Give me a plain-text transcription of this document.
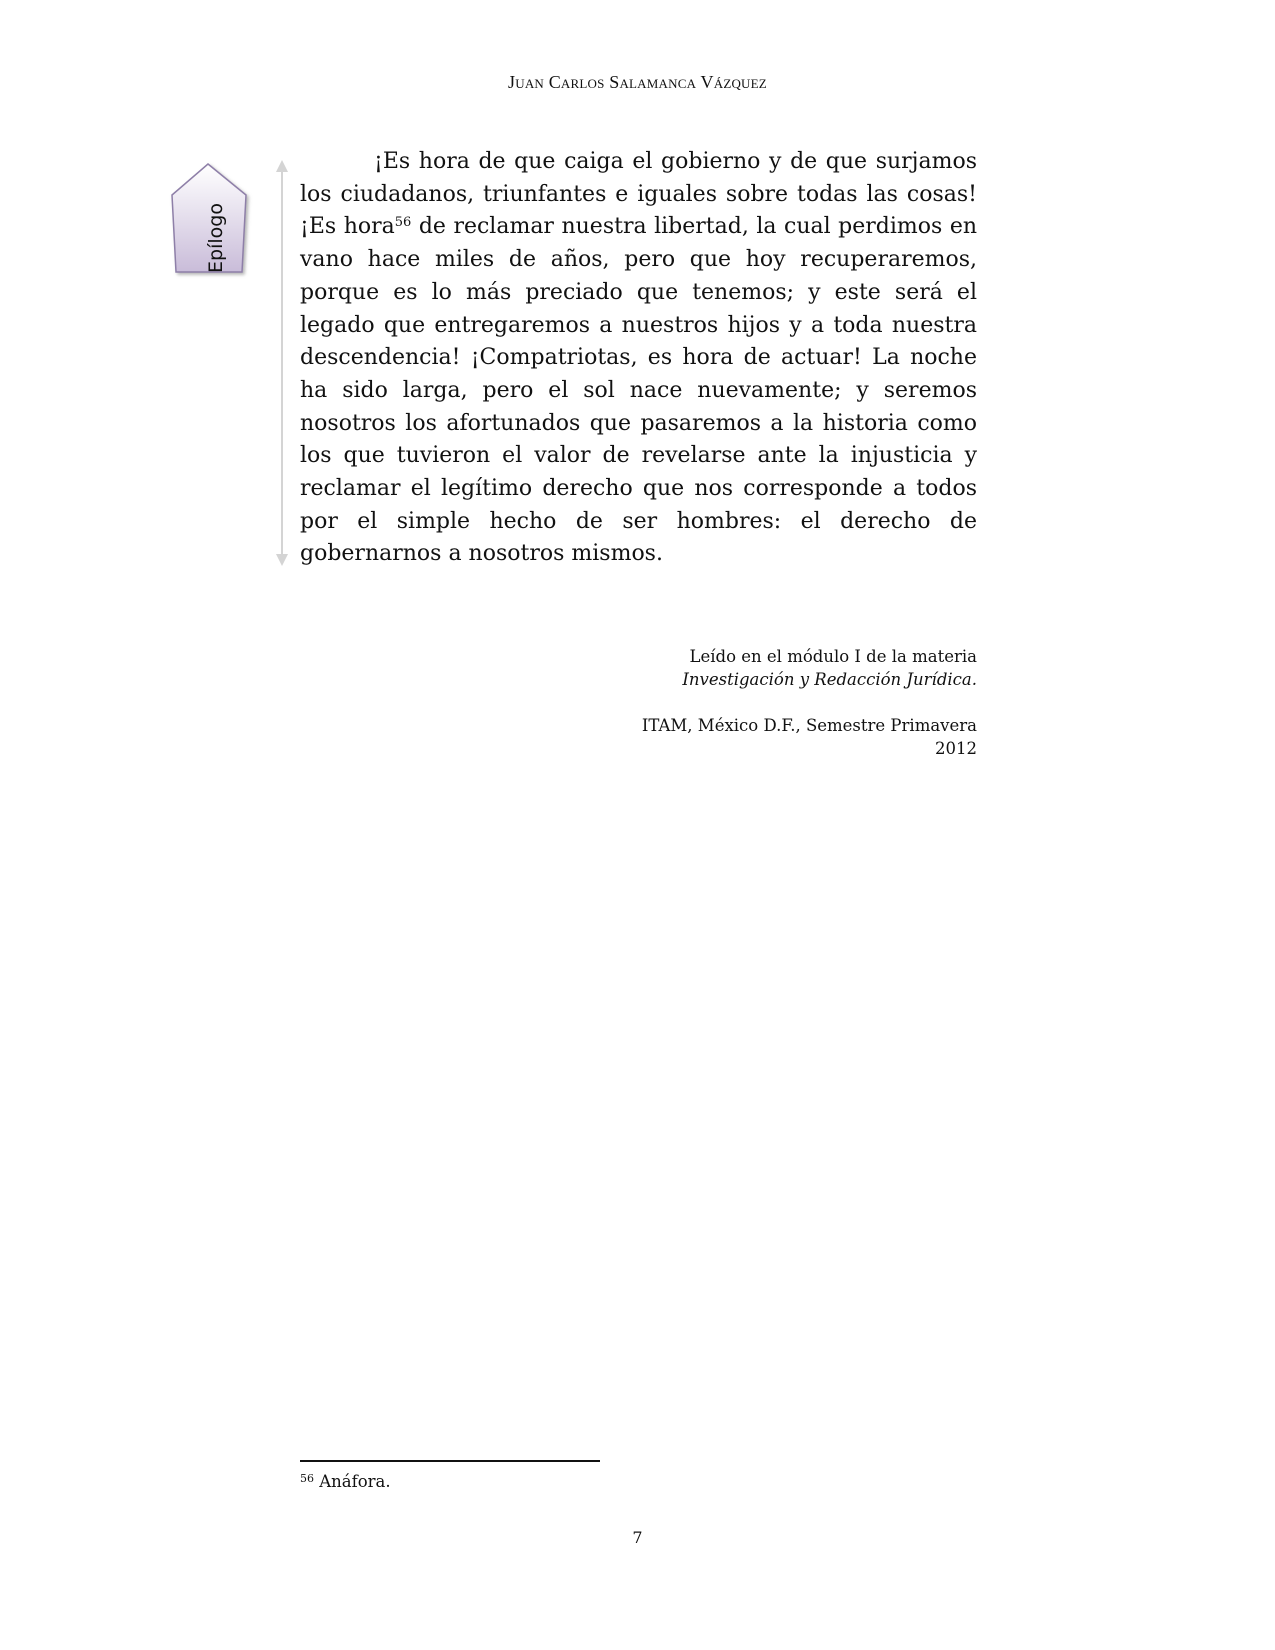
Juan Carlos Salamanca Vázquez
Epílogo

¡Es hora de que caiga el gobierno y de que surjamos los ciudadanos, triunfantes e iguales sobre todas las cosas! ¡Es hora$^{56}$ de reclamar nuestra libertad, la cual perdimos en vano hace miles de años, pero que hoy recuperaremos, porque es lo más preciado que tenemos; y este será el legado que entregaremos a nuestros hijos y a toda nuestra descendencia! ¡Compatriotas, es hora de actuar! La noche ha sido larga, pero el sol nace nuevamente; y seremos nosotros los afortunados que pasaremos a la historia como los que tuvieron el valor de revelarse ante la injusticia y reclamar el legítimo derecho que nos corresponde a todos por el simple hecho de ser hombres: el derecho de gobernarnos a nosotros mismos.

Leído en el módulo I de la materia
Investigación y Redacción Jurídica.
ITAM, México D.F., Semestre Primavera
2012
$^{56}$ Anáfora.
7
